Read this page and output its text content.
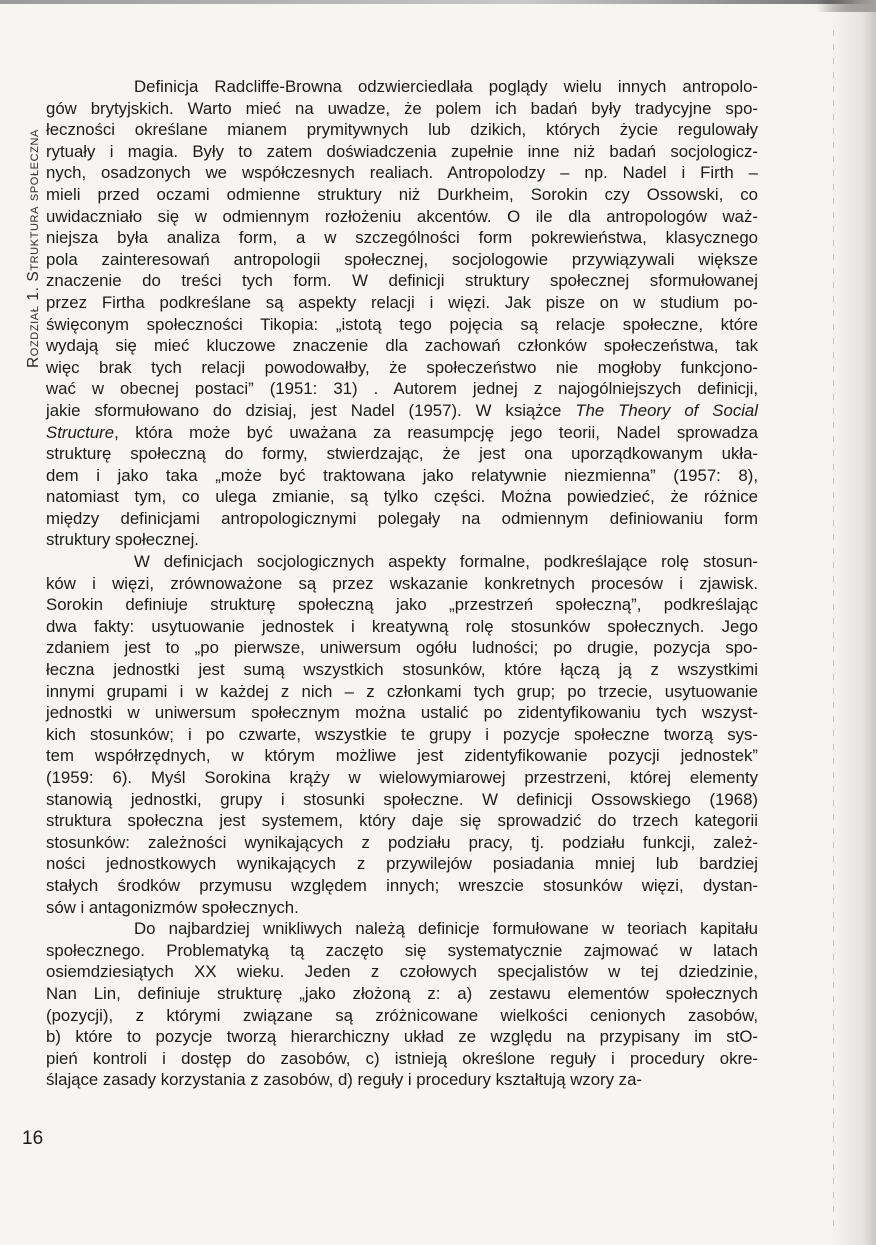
Rozdział 1. Struktura społeczna
16

Definicja Radcliffe-Browna odzwierciedlała poglądy wielu innych antropolo-
gów brytyjskich. Warto mieć na uwadze, że polem ich badań były tradycyjne spo-
łeczności określane mianem prymitywnych lub dzikich, których życie regulowały
rytuały i magia. Były to zatem doświadczenia zupełnie inne niż badań socjologicz-
nych, osadzonych we współczesnych realiach. Antropolodzy – np. Nadel i Firth –
mieli przed oczami odmienne struktury niż Durkheim, Sorokin czy Ossowski, co
uwidaczniało się w odmiennym rozłożeniu akcentów. O ile dla antropologów waż-
niejsza była analiza form, a w szczególności form pokrewieństwa, klasycznego
pola zainteresowań antropologii społecznej, socjologowie przywiązywali większe
znaczenie do treści tych form. W definicji struktury społecznej sformułowanej
przez Firtha podkreślane są aspekty relacji i więzi. Jak pisze on w studium po-
święconym społeczności Tikopia: „istotą tego pojęcia są relacje społeczne, które
wydają się mieć kluczowe znaczenie dla zachowań członków społeczeństwa, tak
więc brak tych relacji powodowałby, że społeczeństwo nie mogłoby funkcjono-
wać w obecnej postaci” (1951: 31) . Autorem jednej z najogólniejszych definicji,
jakie sformułowano do dzisiaj, jest Nadel (1957). W książce The Theory of Social
Structure, która może być uważana za reasumpcję jego teorii, Nadel sprowadza
strukturę społeczną do formy, stwierdzając, że jest ona uporządkowanym ukła-
dem i jako taka „może być traktowana jako relatywnie niezmienna” (1957: 8),
natomiast tym, co ulega zmianie, są tylko części. Można powiedzieć, że różnice
między definicjami antropologicznymi polegały na odmiennym definiowaniu form
struktury społecznej.

W definicjach socjologicznych aspekty formalne, podkreślające rolę stosun-
ków i więzi, zrównoważone są przez wskazanie konkretnych procesów i zjawisk.
Sorokin definiuje strukturę społeczną jako „przestrzeń społeczną”, podkreślając
dwa fakty: usytuowanie jednostek i kreatywną rolę stosunków społecznych. Jego
zdaniem jest to „po pierwsze, uniwersum ogółu ludności; po drugie, pozycja spo-
łeczna jednostki jest sumą wszystkich stosunków, które łączą ją z wszystkimi
innymi grupami i w każdej z nich – z członkami tych grup; po trzecie, usytuowanie
jednostki w uniwersum społecznym można ustalić po zidentyfikowaniu tych wszyst-
kich stosunków; i po czwarte, wszystkie te grupy i pozycje społeczne tworzą sys-
tem współrzędnych, w którym możliwe jest zidentyfikowanie pozycji jednostek”
(1959: 6). Myśl Sorokina krąży w wielowymiarowej przestrzeni, której elementy
stanowią jednostki, grupy i stosunki społeczne. W definicji Ossowskiego (1968)
struktura społeczna jest systemem, który daje się sprowadzić do trzech kategorii
stosunków: zależności wynikających z podziału pracy, tj. podziału funkcji, zależ-
ności jednostkowych wynikających z przywilejów posiadania mniej lub bardziej
stałych środków przymusu względem innych; wreszcie stosunków więzi, dystan-
sów i antagonizmów społecznych.

Do najbardziej wnikliwych należą definicje formułowane w teoriach kapitału
społecznego. Problematyką tą zaczęto się systematycznie zajmować w latach
osiemdziesiątych XX wieku. Jeden z czołowych specjalistów w tej dziedzinie,
Nan Lin, definiuje strukturę „jako złożoną z: a) zestawu elementów społecznych
(pozycji), z którymi związane są zróżnicowane wielkości cenionych zasobów,
b) które to pozycje tworzą hierarchiczny układ ze względu na przypisany im stO-
pień kontroli i dostęp do zasobów, c) istnieją określone reguły i procedury okre-
ślające zasady korzystania z zasobów, d) reguły i procedury kształtują wzory za-
